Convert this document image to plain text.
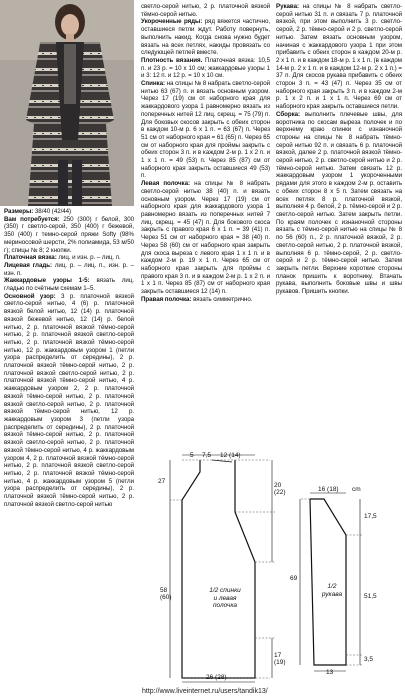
Размеры: 38/40 (42/44)

Вам потребуется: 250 (300) г белой, 300 (350) г светло-серой, 350 (400) г бежевой, 350 (400) г темно-серой пряжи Softy (98% мериносовой шерсти, 2% полиамида, 53 м/50 г); спицы № 8; 2 кнопки.

Платочная вязка: лиц. и изн. р. – лиц. п.

Лицевая гладь: лиц. р. – лиц. п., изн. р. – изн. п.

Жаккардовые узоры 1-5: вязать лиц. гладью по счётным схемам 1–5.

Основной узор: 3 р. платочной вязкой светло-серой нитью, 4 (6) р. платочной вязкой белой нитью, 12 (14) р. платочной вязкой бежевой нитью, 12 (14) р. белой нитью, 2 р. платочной вязкой тёмно-серой нитью, 2 р. платочной вязкой светло-серой нитью, 2 р. платочной вязкой тёмно-серой нитью, 12 р. жаккардовым узором 1 (петли узора распределить от середины), 2 р. платочной вязкой тёмно-серой нитью, 2 р. платочной вязкой светло-серой нитью, 2 р. платочной вязкой тёмно-серой нитью, 4 р. жаккардовым узором 2, 2 р. платочной вязкой тёмно-серой нитью, 2 р. платочной вязкой светло-серой нитью, 2 р. платочной вязкой тёмно-серой нитью, 12 р. жаккардовым узором 3 (петли узора распределить от середины), 2 р. платочной вязкой тёмно-серой нитью, 2 р. платочной вязкой светло-серой нитью, 2 р. платочной вязкой тёмно-серой нитью, 4 р. жаккардовым узором 4, 2 р. платочной вязкой тёмно-серой нитью, 2 р. платочной вязкой светло-серой нитью, 2 р. платочной вязкой тёмно-серой нитью, 4 р. жаккардовым узором 5 (петли узора распределить от середины), 2 р. платочной вязкой тёмно-серой нитью, 2 р. платочной вязкой светло-серой нитью

светло-серой нитью, 2 р. платочной вязкой тёмно-серой нитью.

Укороченные ряды: ряд вяжется частично, оставшиеся петли ждут. Работу повернуть, выполнить накид. Когда снова нужно будет вязать на всех петлях, накиды провязать со следующей петлей вместе.

Плотность вязания. Платочная вязка: 10,5 п. и 23 р. = 10 х 10 см; жаккардовые узоры 1 и 3: 12 п. и 12 р. = 10 х 10 см.

Спинка: на спицы № 8 набрать светло-серой нитью 63 (67) п. и вязать основным узором. Через 17 (19) см от наборного края для жаккардового узора 1 равномерно вязать из поперечных нитей 12 лиц. скрещ. = 75 (79) п. Для боковых скосов закрыть с обеих сторон в каждом 10-м р. 6 х 1 п. = 63 (67) п. Через 51 см от наборного края = 61 (65) п. Через 65 см от наборного края для проймы закрыть с обеих сторон 3 п. и в каждом 2-м р. 1 х 2 п. и 1 х 1 п. = 49 (53) п. Через 85 (87) см от наборного края закрыть оставшиеся 49 (53) п.

Левая полочка: на спицы № 8 набрать светло-серой нитью 38 (40) п. и вязать основным узором. Через 17 (19) см от наборного края для жаккардового узора 1 равномерно вязать из поперечных нитей 7 лиц. скрещ. = 45 (47) п. Для бокового скоса закрыть с правого края 6 х 1 п. = 39 (41) п. Через 51 см от наборного края = 38 (40) п. Через 58 (60) см от наборного края закрыть для скоса выреза с левого края 1 х 1 п. и в каждом 2-м р. 19 х 1 п. Через 65 см от наборного края закрыть для проймы с правого края 3 п. и в каждом 2-м р. 1 х 2 п. и 1 х 1 п. Через 85 (87) см от наборного края закрыть оставшиеся 12 (14) п.

Правая полочка: вязать симметрично.

Рукава: на спицы № 8 набрать светло-серой нитью 31 п. и связать 7 р. платочной вязкой, при этом выполнить 3 р. светло-серой, 2 р. тёмно-серой и 2 р. светло-серой нитью. Затем вязать основным узором, начиная с жаккардового узора 1 при этом прибавить с обеих сторон в каждом 20-м р. 2 х 1 п. и в каждом 18-м р. 1 х 1 п. (в каждом 14-м р. 2 х 1 п. и в каждом 12-м р. 2 х 1 п.) = 37 п. Для скосов рукава прибавить с обеих сторон 3 п. = 43 (47) п. Через 35 см от наборного края закрыть 3 п. и в каждом 2-м р. 1 х 2 п. и 1 х 1 п. Через 69 см от наборного края закрыть оставшиеся петли.

Сборка: выполнить плечевые швы, для воротника по скосам выреза полочек и по верхнему краю спинки с изнаночной стороны на спицы № 8 набрать тёмно-серой нитью 92 п. и связать 6 р. платочной вязкой, далее 2 р. платочной вязкой тёмно-серой нитью, 2 р. светло-серой нитью и 2 р. тёмно-серой нитью. Затем связать 12 р. жаккардовым узором 1 укороченными рядами для этого в каждом 2-м р. оставить с обеих сторон 8 х 5 п. Затем связать на всех петлях 8 р. платочной вязкой, выполняя 4 р. белой, 2 р. тёмно-серой и 2 р. светло-серой нитью. Затем закрыть петли. По краям полочек с изнаночной стороны вязать с тёмно-серой нитью на спицы № 8 по 56 (60) п., 2 р. платочной вязкой, 2 р. светло-серой нитью, 2 р. платочной вязкой, выполняя 6 р. тёмно-серой, 2 р. светло-серой и 2 р. тёмно-серой нитью. Затем закрыть петли. Верхние короткие стороны планок пришить к воротнику. Втачать рукава, выполнить боковые швы и швы рукавов. Пришить кнопки.

5 7,5 12 (14)
27
58 (60)
17 (19)
20 (22)
26 (28)
1/2 спинки и левая полочка
16 (18) cm
69
17,5
51,5
3,5
13
1/2 рукава
http://www.liveinternet.ru/users/tandik13/
